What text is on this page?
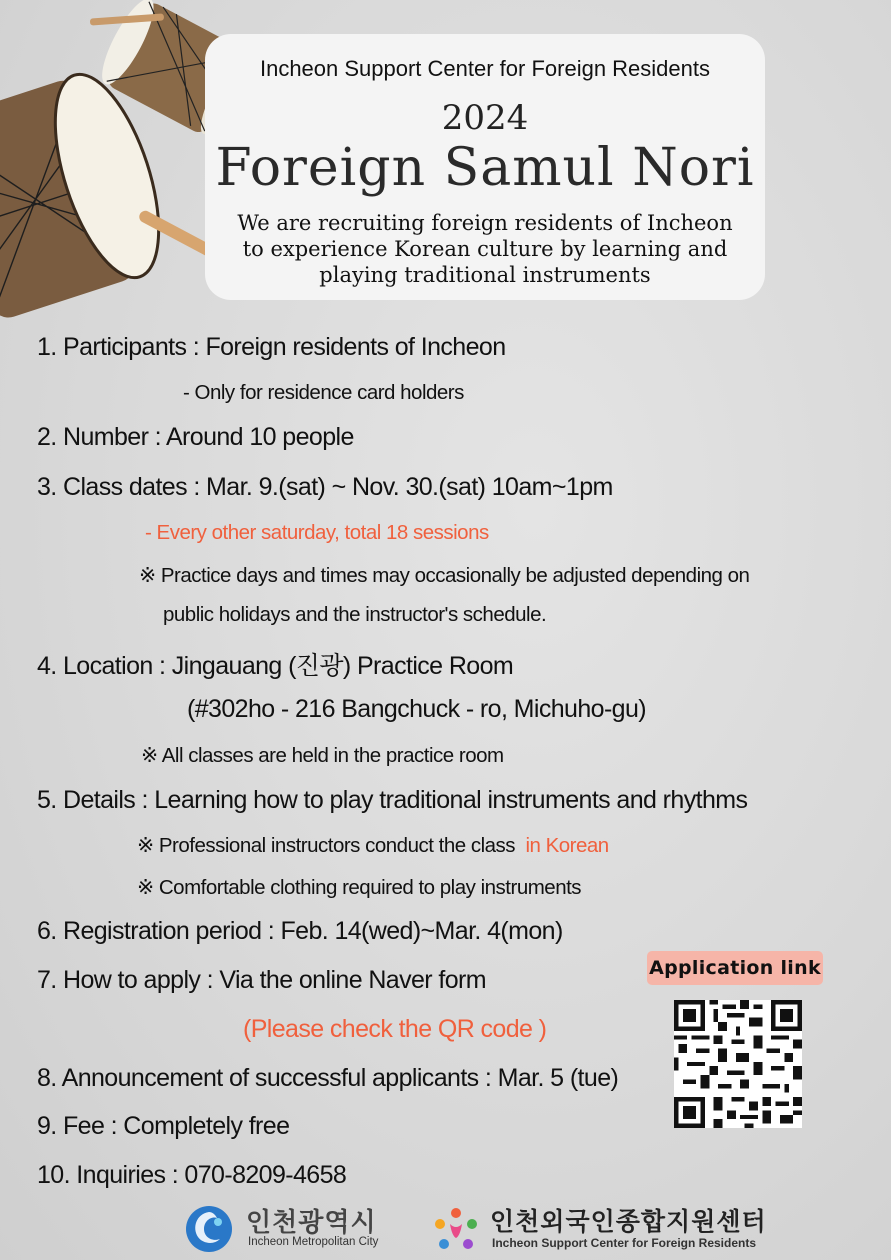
Incheon Support Center for Foreign Residents
2024
Foreign Samul Nori
We are recruiting foreign residents of Incheon
to experience Korean culture by learning and
playing traditional instruments
1. Participants : Foreign residents of Incheon
- Only for residence card holders
2. Number : Around 10 people
3. Class dates : Mar. 9.(sat) ~ Nov. 30.(sat) 10am~1pm
- Every other saturday, total 18 sessions
※ Practice days and times may occasionally be adjusted depending on
public holidays and the instructor's schedule.
4. Location : Jingauang (진광) Practice Room
(#302ho - 216 Bangchuck - ro, Michuho-gu)
※ All classes are held in the practice room
5. Details : Learning how to play traditional instruments and rhythms
※ Professional instructors conduct the class in Korean
※ Comfortable clothing required to play instruments
6. Registration period : Feb. 14(wed)~Mar. 4(mon)
7. How to apply : Via the online Naver form
(Please check the QR code )
8. Announcement of successful applicants : Mar. 5 (tue)
9. Fee : Completely free
10. Inquiries : 070-8209-4658
Application link
인천광역시
Incheon Metropolitan City
인천외국인종합지원센터
Incheon Support Center for Foreign Residents
